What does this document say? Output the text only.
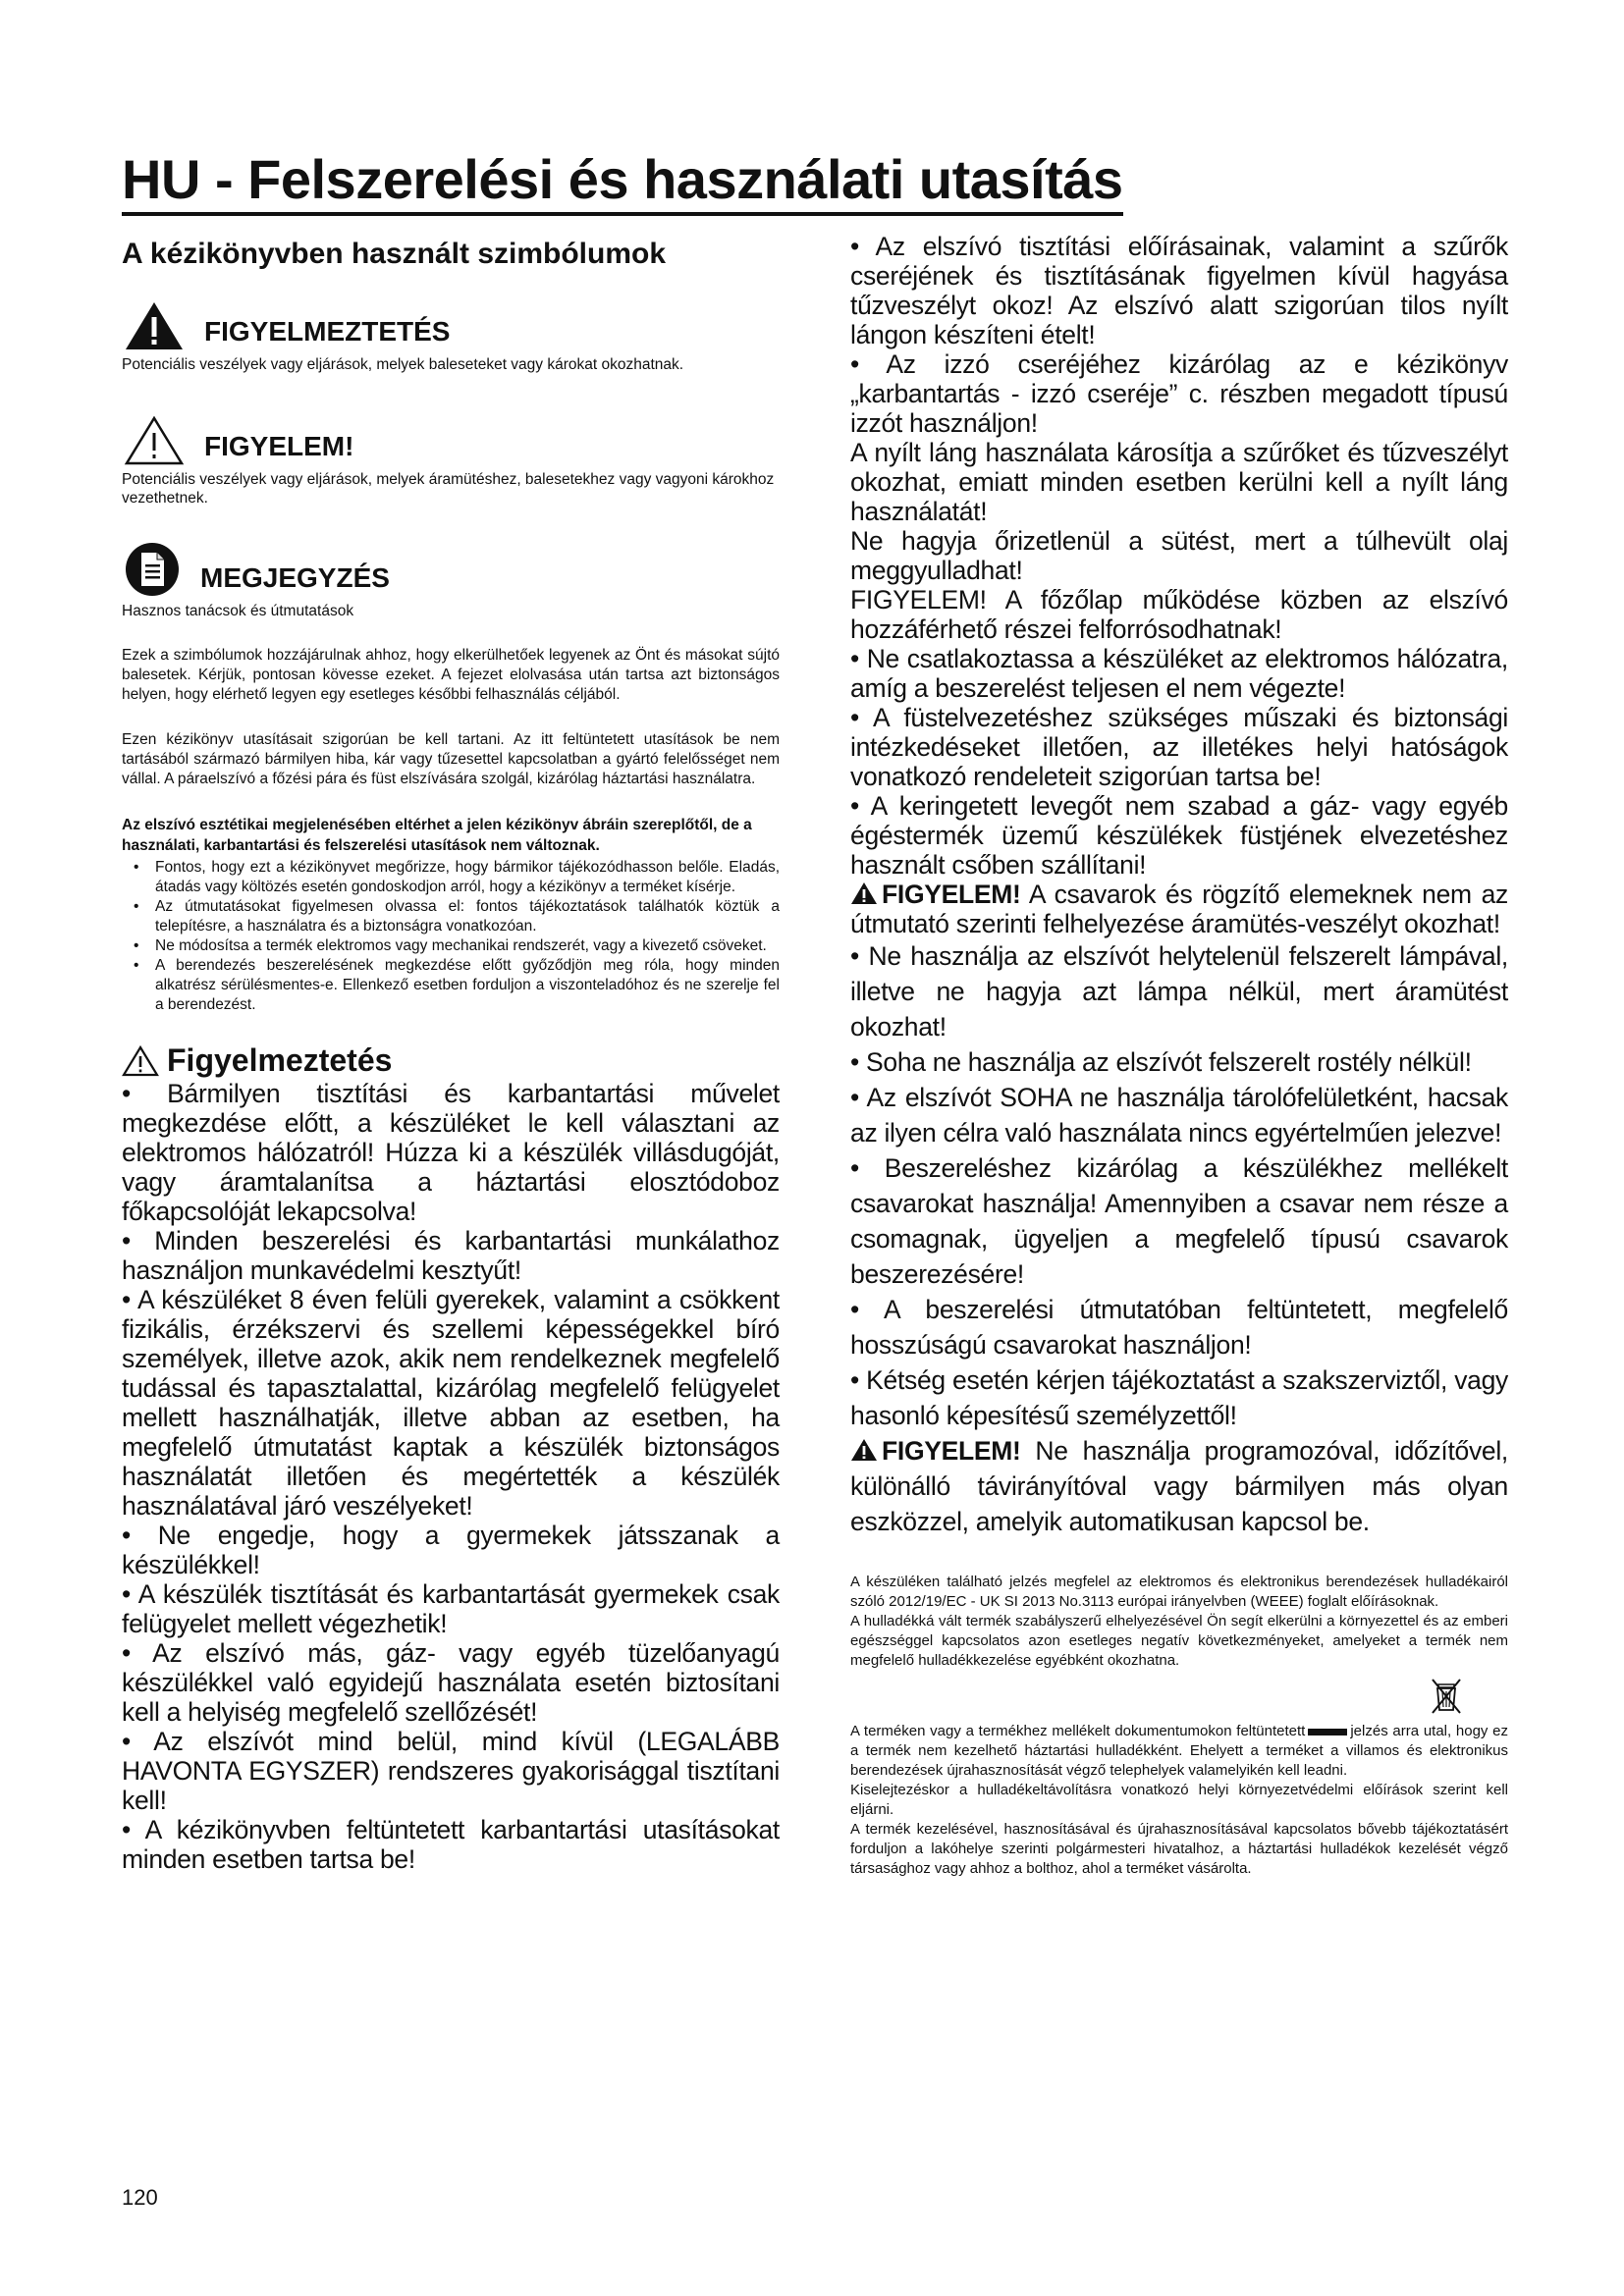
HU - Felszerelési és használati utasítás
A kézikönyvben használt szimbólumok
FIGYELMEZTETÉS

Potenciális veszélyek vagy eljárások, melyek baleseteket vagy károkat okozhatnak.

FIGYELEM!

Potenciális veszélyek vagy eljárások, melyek áramütéshez, balesetekhez vagy vagyoni károkhoz vezethetnek.

MEGJEGYZÉS

Hasznos tanácsok és útmutatások

Ezek a szimbólumok hozzájárulnak ahhoz, hogy elkerülhetőek legyenek az Önt és másokat sújtó balesetek. Kérjük, pontosan kövesse ezeket. A fejezet elolvasása után tartsa azt biztonságos helyen, hogy elérhető legyen egy esetleges későbbi felhasználás céljából.

Ezen kézikönyv utasításait szigorúan be kell tartani. Az itt feltüntetett utasítások be nem tartásából származó bármilyen hiba, kár vagy tűzesettel kapcsolatban a gyártó felelősséget nem vállal. A páraelszívó a főzési pára és füst elszívására szolgál, kizárólag háztartási használatra.

Az elszívó esztétikai megjelenésében eltérhet a jelen kézikönyv ábráin szereplőtől, de a használati, karbantartási és felszerelési utasítások nem változnak.

• Fontos, hogy ezt a kézikönyvet megőrizze, hogy bármikor tájékozódhasson belőle. Eladás, átadás vagy költözés esetén gondoskodjon arról, hogy a kézikönyv a terméket kísérje.
• Az útmutatásokat figyelmesen olvassa el: fontos tájékoztatások találhatók köztük a telepítésre, a használatra és a biztonságra vonatkozóan.
• Ne módosítsa a termék elektromos vagy mechanikai rendszerét, vagy a kivezető csöveket.
• A berendezés beszerelésének megkezdése előtt győződjön meg róla, hogy minden alkatrész sérülésmentes-e. Ellenkező esetben forduljon a viszonteladóhoz és ne szerelje fel a berendezést.
Figyelmeztetés

• Bármilyen tisztítási és karbantartási művelet megkezdése előtt, a készüléket le kell választani az elektromos hálózatról! Húzza ki a készülék villásdugóját, vagy áramtalanítsa a háztartási elosztódoboz főkapcsolóját lekapcsolva!

• Minden beszerelési és karbantartási munkálathoz használjon munkavédelmi kesztyűt!

• A készüléket 8 éven felüli gyerekek, valamint a csökkent fizikális, érzékszervi és szellemi képességekkel bíró személyek, illetve azok, akik nem rendelkeznek megfelelő tudással és tapasztalattal, kizárólag megfelelő felügyelet mellett használhatják, illetve abban az esetben, ha megfelelő útmutatást kaptak a készülék biztonságos használatát illetően és megértették a készülék használatával járó veszélyeket!

• Ne engedje, hogy a gyermekek játsszanak a készülékkel!

• A készülék tisztítását és karbantartását gyermekek csak felügyelet mellett végezhetik!

• Az elszívó más, gáz- vagy egyéb tüzelőanyagú készülékkel való egyidejű használata esetén biztosítani kell a helyiség megfelelő szellőzését!

• Az elszívót mind belül, mind kívül (LEGALÁBB HAVONTA EGYSZER) rendszeres gyakorisággal tisztítani kell!

• A kézikönyvben feltüntetett karbantartási utasításokat minden esetben tartsa be!

• Az elszívó tisztítási előírásainak, valamint a szűrők cseréjének és tisztításának figyelmen kívül hagyása tűzveszélyt okoz! Az elszívó alatt szigorúan tilos nyílt lángon készíteni ételt!

• Az izzó cseréjéhez kizárólag az e kézikönyv „karbantartás - izzó cseréje” c. részben megadott típusú izzót használjon!

A nyílt láng használata károsítja a szűrőket és tűzveszélyt okozhat, emiatt minden esetben kerülni kell a nyílt láng használatát!

Ne hagyja őrizetlenül a sütést, mert a túlhevült olaj meggyulladhat!

FIGYELEM! A főzőlap működése közben az elszívó hozzáférhető részei felforrósodhatnak!

• Ne csatlakoztassa a készüléket az elektromos hálózatra, amíg a beszerelést teljesen el nem végezte!

• A füstelvezetéshez szükséges műszaki és biztonsági intézkedéseket illetően, az illetékes helyi hatóságok vonatkozó rendeleteit szigorúan tartsa be!

• A keringetett levegőt nem szabad a gáz- vagy egyéb égéstermék üzemű készülékek füstjének elvezetéshez használt csőben szállítani!

FIGYELEM! A csavarok és rögzítő elemeknek nem az útmutató szerinti felhelyezése áramütés-veszélyt okozhat!

• Ne használja az elszívót helytelenül felszerelt lámpával, illetve ne hagyja azt lámpa nélkül, mert áramütést okozhat!

• Soha ne használja az elszívót felszerelt rostély nélkül!

• Az elszívót SOHA ne használja tárolófelületként, hacsak az ilyen célra való használata nincs egyértelműen jelezve!

• Beszereléshez kizárólag a készülékhez mellékelt csavarokat használja! Amennyiben a csavar nem része a csomagnak, ügyeljen a megfelelő típusú csavarok beszerezésére!

• A beszerelési útmutatóban feltüntetett, megfelelő hosszúságú csavarokat használjon!

• Kétség esetén kérjen tájékoztatást a szakszerviztől, vagy hasonló képesítésű személyzettől!

FIGYELEM! Ne használja programozóval, időzítővel, különálló távirányítóval vagy bármilyen más olyan eszközzel, amelyik automatikusan kapcsol be.

A készüléken található jelzés megfelel az elektromos és elektronikus berendezések hulladékairól szóló 2012/19/EC - UK SI 2013 No.3113 európai irányelvben (WEEE) foglalt előírásoknak.

A hulladékká vált termék szabályszerű elhelyezésével Ön segít elkerülni a környezettel és az emberi egészséggel kapcsolatos azon esetleges negatív következményeket, amelyeket a termék nem megfelelő hulladékkezelése egyébként okozhatna.

A terméken vagy a termékhez mellékelt dokumentumokon feltüntetett	jelzés arra utal, hogy ez a termék nem kezelhető háztartási hulladékként. Ehelyett a terméket a villamos és elektronikus berendezések újrahasznosítását végző telephelyek valamelyikén kell leadni.

Kiselejtezéskor a hulladékeltávolításra vonatkozó helyi környezetvédelmi előírások szerint kell eljárni.

A termék kezelésével, hasznosításával és újrahasznosításával kapcsolatos bővebb tájékoztatásért forduljon a lakóhelye szerinti polgármesteri hivatalhoz, a háztartási hulladékok kezelését végző társasághoz vagy ahhoz a bolthoz, ahol a terméket vásárolta.

120
